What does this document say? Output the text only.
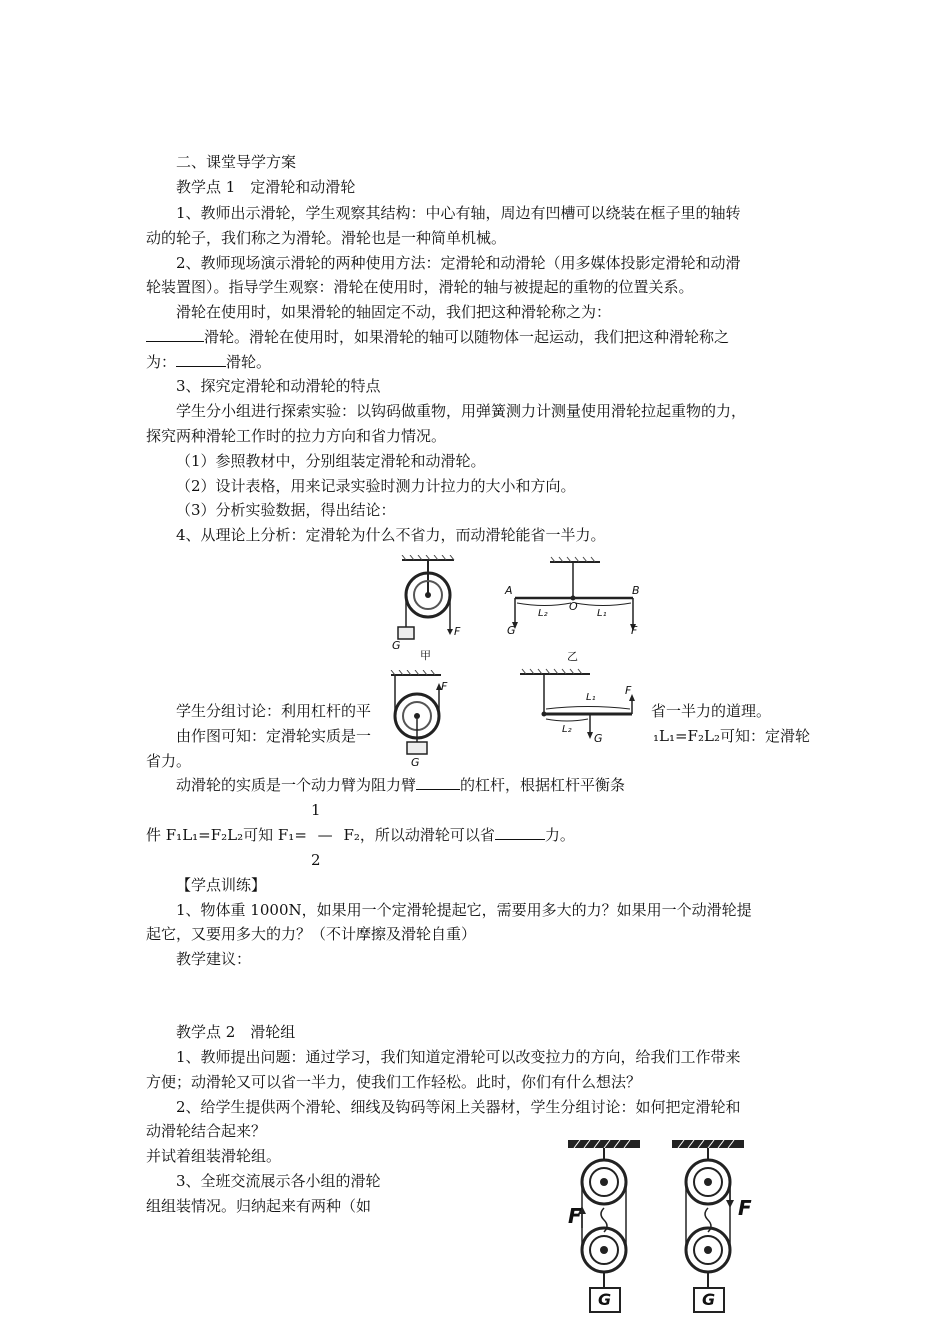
二、课堂导学方案
教学点 1　定滑轮和动滑轮
1、教师出示滑轮，学生观察其结构：中心有轴，周边有凹槽可以绕装在框子里的轴转
动的轮子，我们称之为滑轮。滑轮也是一种简单机械。
2、教师现场演示滑轮的两种使用方法：定滑轮和动滑轮（用多媒体投影定滑轮和动滑
轮装置图）。指导学生观察：滑轮在使用时，滑轮的轴与被提起的重物的位置关系。
滑轮在使用时，如果滑轮的轴固定不动，我们把这种滑轮称之为：
滑轮。滑轮在使用时，如果滑轮的轴可以随物体一起运动，我们把这种滑轮称之
为：	滑轮。
3、探究定滑轮和动滑轮的特点
学生分小组进行探索实验：以钩码做重物，用弹簧测力计测量使用滑轮拉起重物的力，
探究两种滑轮工作时的拉力方向和省力情况。
（1）参照教材中，分别组装定滑轮和动滑轮。
（2）设计表格，用来记录实验时测力计拉力的大小和方向。
（3）分析实验数据，得出结论：
4、从理论上分析：定滑轮为什么不省力，而动滑轮能省一半力。
学生分组讨论：利用杠杆的平	省一半力的道理。
由作图可知：定滑轮实质是一	₁L₁=F₂L₂可知：定滑轮
省力。
动滑轮的实质是一个动力臂为阻力臂	的杠杆，根据杠杆平衡条
1
件 F₁L₁=F₂L₂可知 F₁= — F₂，所以动滑轮可以省	力。
2
【学点训练】
1、物体重 1000N，如果用一个定滑轮提起它，需要用多大的力？如果用一个动滑轮提
起它，又要用多大的力？（不计摩擦及滑轮自重）
教学建议：
教学点 2　滑轮组
1、教师提出问题：通过学习，我们知道定滑轮可以改变拉力的方向，给我们工作带来
方便；动滑轮又可以省一半力，使我们工作轻松。此时，你们有什么想法？
2、给学生提供两个滑轮、细线及钩码等闲上关器材，学生分组讨论：如何把定滑轮和
动滑轮结合起来？
并试着组装滑轮组。
3、全班交流展示各小组的滑轮
组组装情况。归纳起来有两种（如
G
F
甲
A
O
B
L₂	L₁
G	F
乙
F
G
L₁
F
L₂
G
F
G
F
G
